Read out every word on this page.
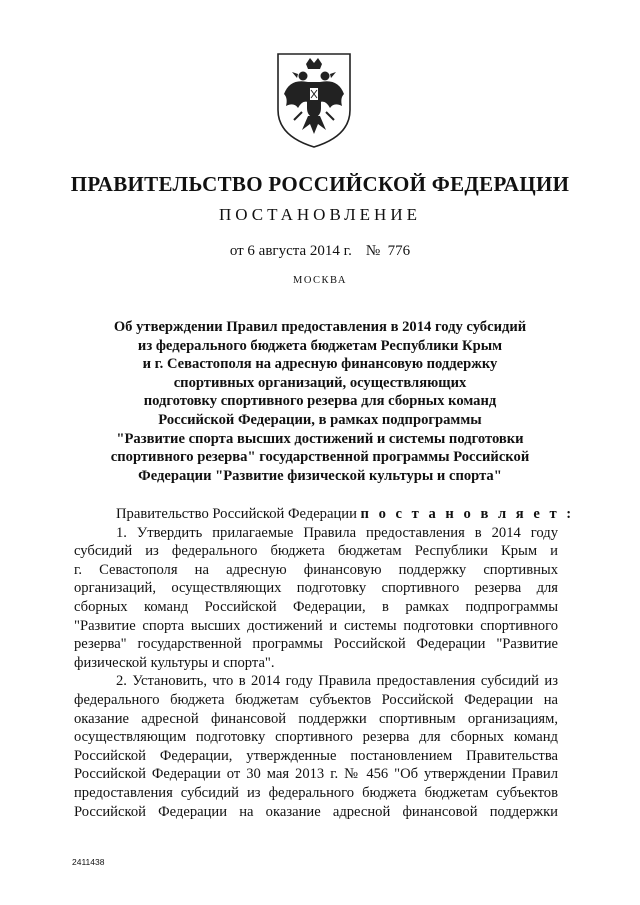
ПРАВИТЕЛЬСТВО РОССИЙСКОЙ ФЕДЕРАЦИИ
ПОСТАНОВЛЕНИЕ
от 6 августа 2014 г. № 776
МОСКВА
Об утверждении Правил предоставления в 2014 году субсидий
из федерального бюджета бюджетам Республики Крым
и г. Севастополя на адресную финансовую поддержку
спортивных организаций, осуществляющих
подготовку спортивного резерва для сборных команд
Российской Федерации, в рамках подпрограммы
"Развитие спорта высших достижений и системы подготовки
спортивного резерва" государственной программы Российской
Федерации "Развитие физической культуры и спорта"
Правительство Российской Федерации п о с т а н о в л я е т :
1. Утвердить прилагаемые Правила предоставления в 2014 году
субсидий из федерального бюджета бюджетам Республики Крым и
г. Севастополя на адресную финансовую поддержку спортивных
организаций, осуществляющих подготовку спортивного резерва для
сборных команд Российской Федерации, в рамках подпрограммы
"Развитие спорта высших достижений и системы подготовки спортивного
резерва" государственной программы Российской Федерации "Развитие
физической культуры и спорта".
2. Установить, что в 2014 году Правила предоставления субсидий из
федерального бюджета бюджетам субъектов Российской Федерации на
оказание адресной финансовой поддержки спортивным организациям,
осуществляющим подготовку спортивного резерва для сборных команд
Российской Федерации, утвержденные постановлением Правительства
Российской Федерации от 30 мая 2013 г. № 456 "Об утверждении Правил
предоставления субсидий из федерального бюджета бюджетам субъектов
Российской Федерации на оказание адресной финансовой поддержки
2411438
